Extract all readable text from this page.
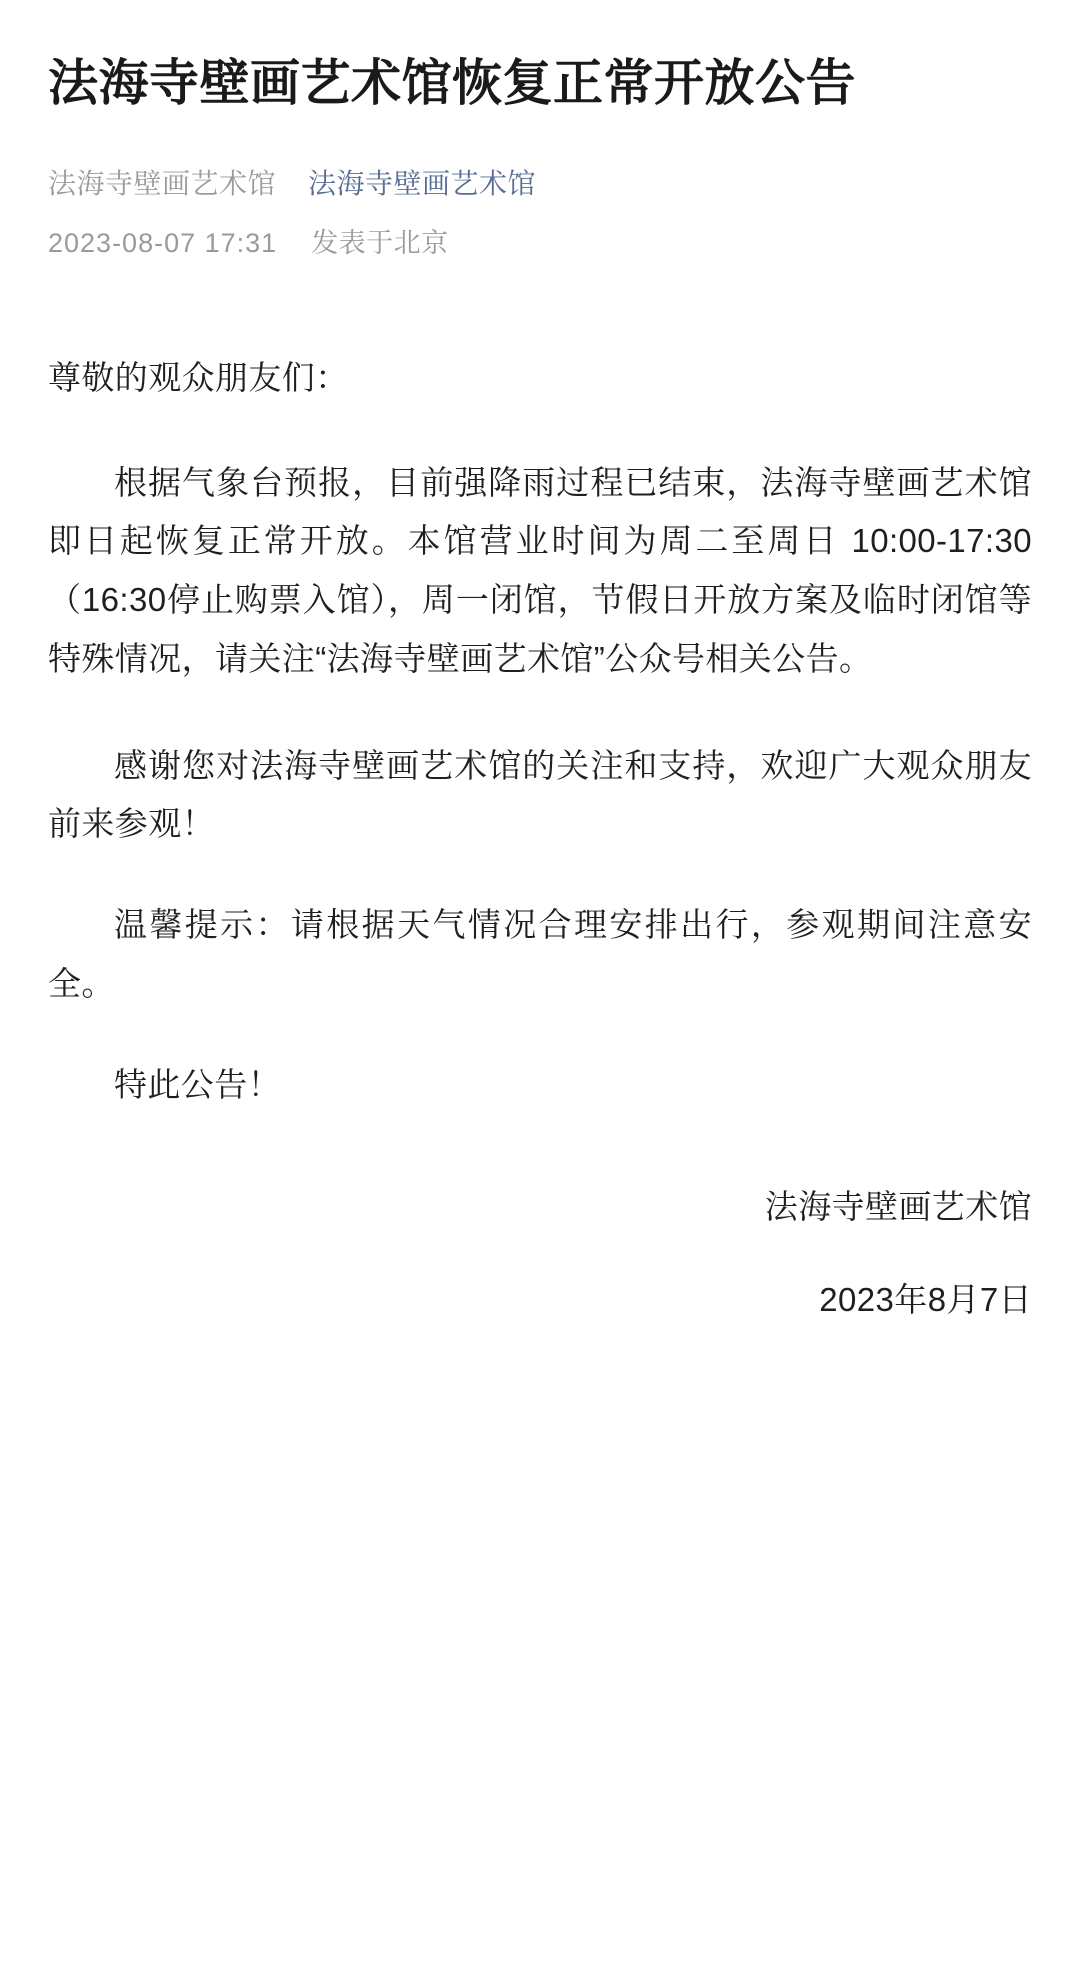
法海寺壁画艺术馆恢复正常开放公告
法海寺壁画艺术馆 法海寺壁画艺术馆
2023-08-07 17:31 发表于北京

尊敬的观众朋友们：

根据气象台预报，目前强降雨过程已结束，法海寺壁画艺术馆即日起恢复正常开放。本馆营业时间为周二至周日 10:00-17:30（16:30停止购票入馆），周一闭馆，节假日开放方案及临时闭馆等特殊情况，请关注“法海寺壁画艺术馆”公众号相关公告。

感谢您对法海寺壁画艺术馆的关注和支持，欢迎广大观众朋友前来参观！

温馨提示：请根据天气情况合理安排出行，参观期间注意安全。

特此公告！

法海寺壁画艺术馆

2023年8月7日
